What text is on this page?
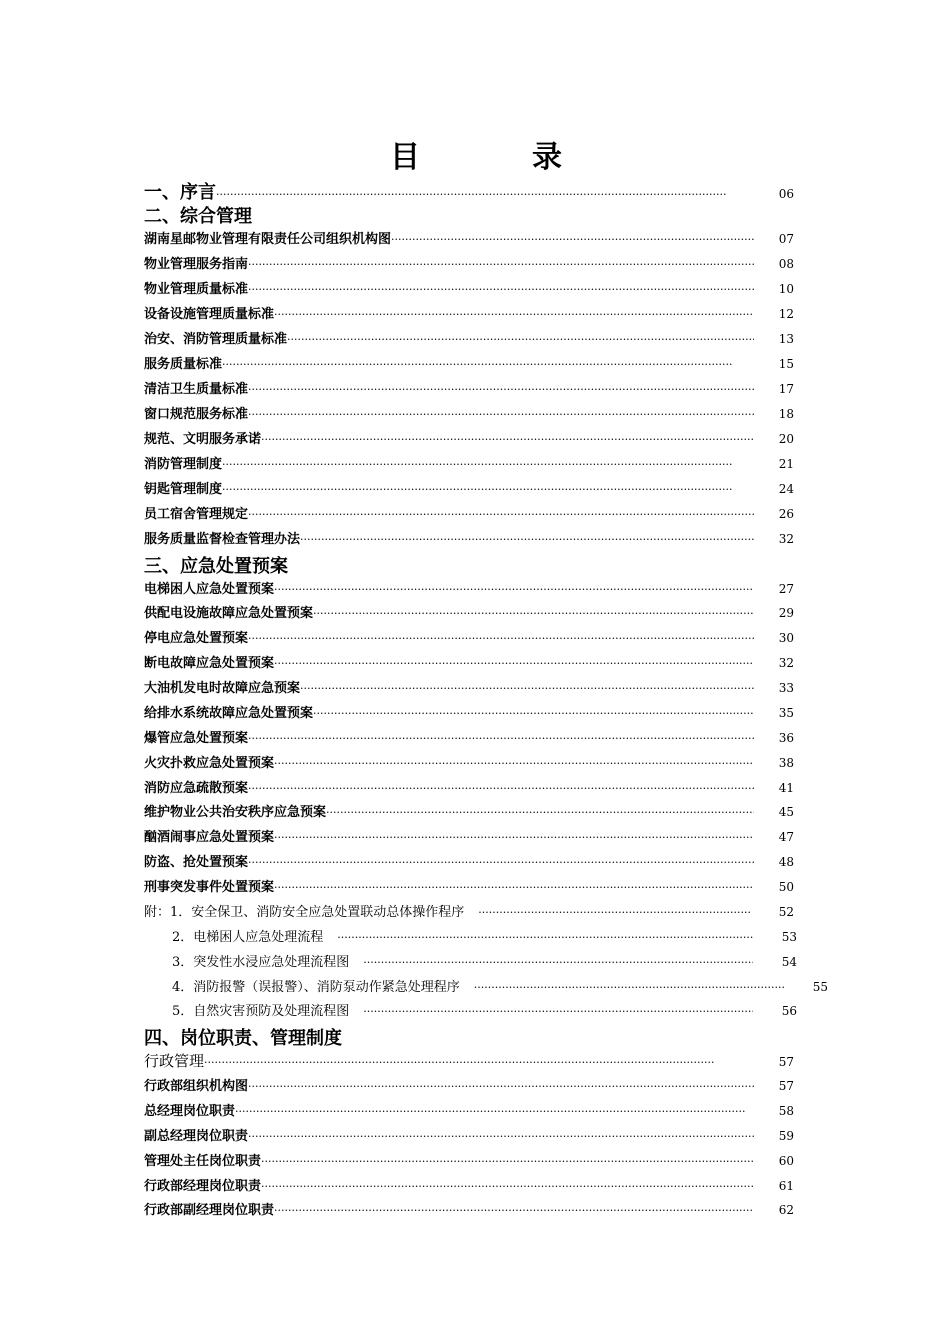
目	录
一、序言 ·····	06
二、综合管理
湖南星邮物业管理有限责任公司组织机构图 ·····	07
物业管理服务指南 ·····	08
物业管理质量标准 ·····	10
设备设施管理质量标准 ·····	12
治安、消防管理质量标准 ·····	13
服务质量标准 ·····	15
清洁卫生质量标准 ·····	17
窗口规范服务标准 ·····	18
规范、文明服务承诺 ·····	20
消防管理制度 ·····	21
钥匙管理制度 ·····	24
员工宿舍管理规定 ·····	26
服务质量监督检查管理办法 ·····	32
三、应急处置预案
电梯困人应急处置预案 ·····	27
供配电设施故障应急处置预案 ·····	29
停电应急处置预案 ·····	30
断电故障应急处置预案 ·····	32
大油机发电时故障应急预案 ·····	33
给排水系统故障应急处置预案 ·····	35
爆管应急处置预案 ·····	36
火灾扑救应急处置预案 ·····	38
消防应急疏散预案 ·····	41
维护物业公共治安秩序应急预案 ·····	45
酗酒闹事应急处置预案 ·····	47
防盗、抢处置预案 ·····	48
刑事突发事件处置预案 ·····	50
附：1．安全保卫、消防安全应急处置联动总体操作程序 ·····	52
2．电梯困人应急处理流程 ·····	53
3．突发性水浸应急处理流程图 ·····	54
4．消防报警（误报警）、消防泵动作紧急处理程序 ·····	55
5．自然灾害预防及处理流程图 ·····	56
四、岗位职责、管理制度
行政管理 ·····	57
行政部组织机构图 ·····	57
总经理岗位职责 ·····	58
副总经理岗位职责 ·····	59
管理处主任岗位职责 ·····	60
行政部经理岗位职责 ·····	61
行政部副经理岗位职责 ·····	62
